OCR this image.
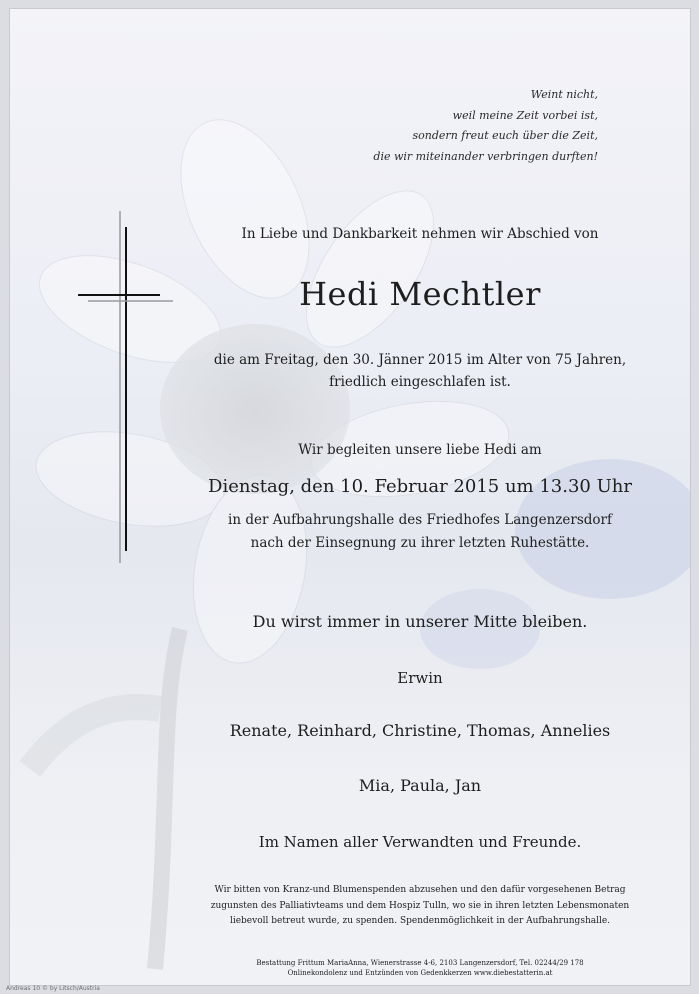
Weint nicht,
weil meine Zeit vorbei ist,
sondern freut euch über die Zeit,
die wir miteinander verbringen durften!
In Liebe und Dankbarkeit nehmen wir Abschied von
Hedi Mechtler
die am Freitag, den 30. Jänner 2015 im Alter von 75 Jahren,
friedlich eingeschlafen ist.
Wir begleiten unsere liebe Hedi am
Dienstag, den 10. Februar 2015 um 13.30 Uhr
in der Aufbahrungshalle des Friedhofes Langenzersdorf
nach der Einsegnung zu ihrer letzten Ruhestätte.
Du wirst immer in unserer Mitte bleiben.
Erwin
Renate, Reinhard, Christine, Thomas, Annelies
Mia, Paula, Jan
Im Namen aller Verwandten und Freunde.
Wir bitten von Kranz-und Blumenspenden abzusehen und den dafür vorgesehenen Betrag
zugunsten des Palliativteams und dem Hospiz Tulln, wo sie in ihren letzten Lebensmonaten
liebevoll betreut wurde, zu spenden. Spendenmöglichkeit in der Aufbahrungshalle.
Bestattung Frittum MariaAnna, Wienerstrasse 4-6, 2103 Langenzersdorf, Tel. 02244/29 178
Onlinekondolenz und Entzünden von Gedenkkerzen www.diebestatterin.at
Andreas 10 © by Litsch/Austria
